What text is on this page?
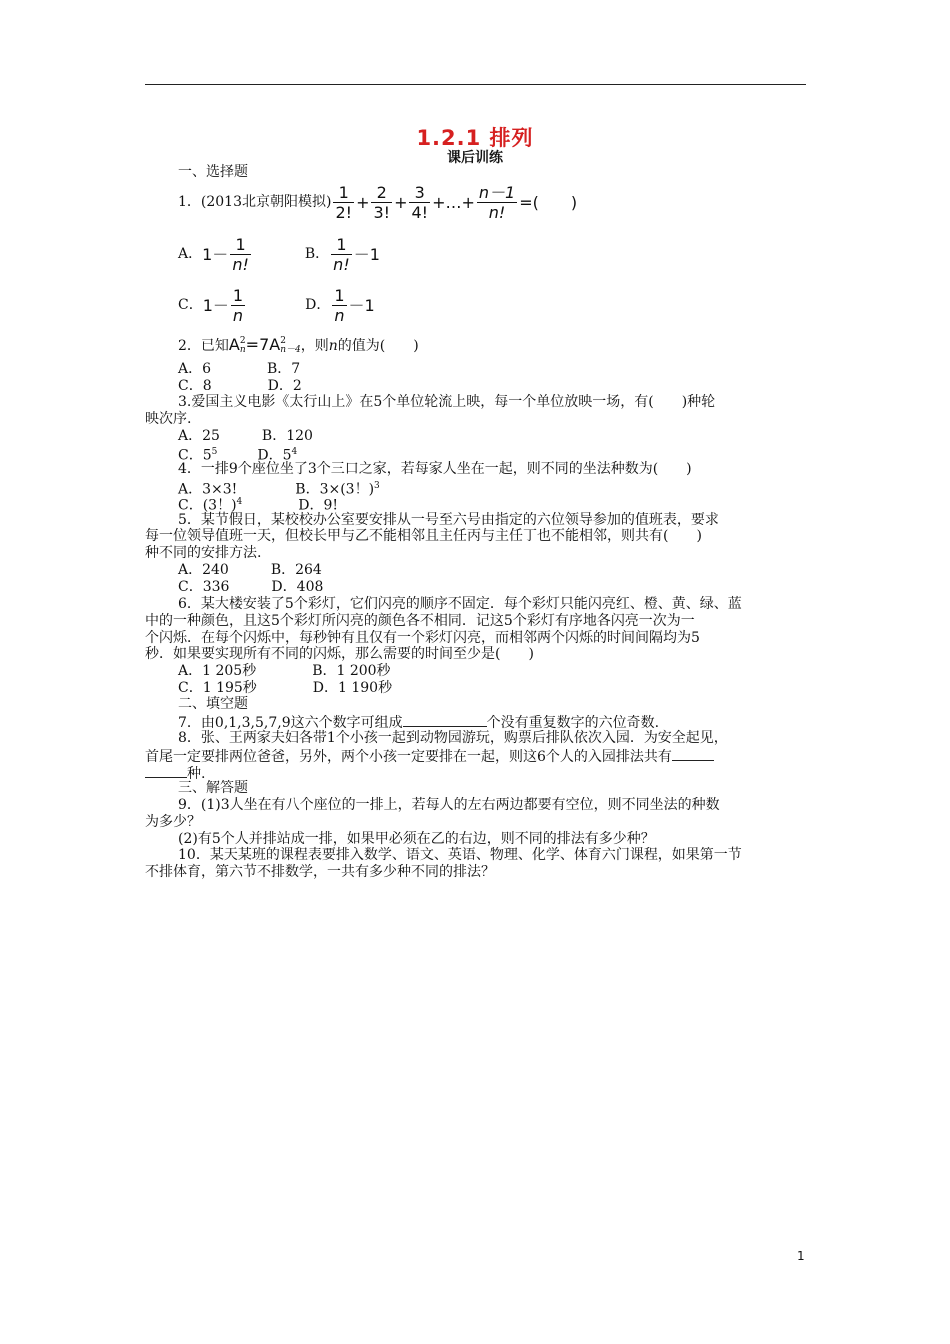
1.2.1 排列
课后训练
一、选择题
1．(2013北京朝阳模拟) $\frac{1}{2!} + \frac{2}{3!} + \frac{3}{4!}$ + … + $\frac{n-1}{n!}$ =(　　)
A． $1- \frac{1}{n!}$	B． $\frac{1}{n!} -1$
C． $1- \frac{1}{n}$	D． $\frac{1}{n} -1$
2．已知A 2
n =7A 2
n－4 ，则n的值为(　　)
A．6　　　　B．7
C．8　　　　D．2
3.爱国主义电影《太行山上》在5个单位轮流上映，每一个单位放映一场，有(　　)种轮
映次序.
A．25　　　B．120
C．$5^5$	D．$5^4$
4．一排9个座位坐了3个三口之家，若每家人坐在一起，则不同的坐法种数为(　　)
A．3×3!	B．3×(3！)$^3$
C．(3！)$^4$	D．9!
5．某节假日，某校校办公室要安排从一号至六号由指定的六位领导参加的值班表，要求
每一位领导值班一天，但校长甲与乙不能相邻且主任丙与主任丁也不能相邻，则共有(　　)
种不同的安排方法.
A．240　　　B．264
C．336　　　D．408
6．某大楼安装了5个彩灯，它们闪亮的顺序不固定．每个彩灯只能闪亮红、橙、黄、绿、蓝
中的一种颜色，且这5个彩灯所闪亮的颜色各不相同．记这5个彩灯有序地各闪亮一次为一
个闪烁．在每个闪烁中，每秒钟有且仅有一个彩灯闪亮，而相邻两个闪烁的时间间隔均为5
秒．如果要实现所有不同的闪烁，那么需要的时间至少是(　　)
A．1 205秒　　　　B．1 200秒
C．1 195秒　　　　D．1 190秒
二、填空题
7．由0,1,3,5,7,9这六个数字可组成	个没有重复数字的六位奇数.
8．张、王两家夫妇各带1个小孩一起到动物园游玩，购票后排队依次入园．为安全起见，
首尾一定要排两位爸爸，另外，两个小孩一定要排在一起，则这6个人的入园排法共有
种.
三、解答题
9．(1)3人坐在有八个座位的一排上，若每人的左右两边都要有空位，则不同坐法的种数
为多少？
(2)有5个人并排站成一排，如果甲必须在乙的右边，则不同的排法有多少种？
10．某天某班的课程表要排入数学、语文、英语、物理、化学、体育六门课程，如果第一节
不排体育，第六节不排数学，一共有多少种不同的排法？
1
